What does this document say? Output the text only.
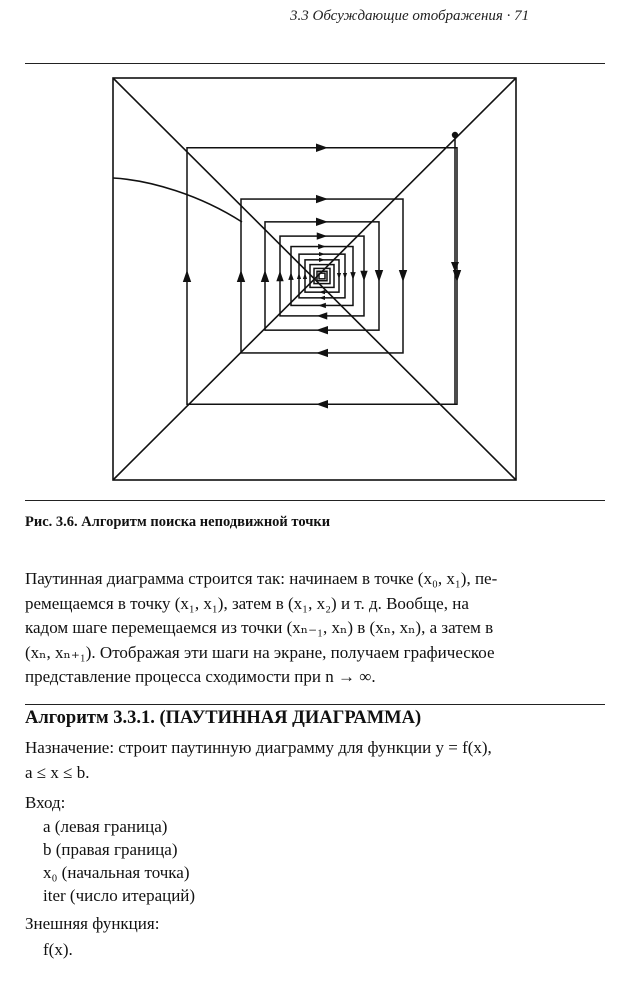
3.3 Обсуждающие отображения · 71
Рис. 3.6. Алгоритм поиска неподвижной точки
Паутинная диаграмма строится так: начинаем в точке (x₀, x₁), пе-
ремещаемся в точку (x₁, x₁), затем в (x₁, x₂) и т. д. Вообще, на
кадом шаге перемещаемся из точки (xₙ₋₁, xₙ) в (xₙ, xₙ), а затем в
(xₙ, xₙ₊₁). Отображая эти шаги на экране, получаем графическое
представление процесса сходимости при n → ∞.
Алгоритм 3.3.1. (ПАУТИННАЯ ДИАГРАММА)
Назначение: строит паутинную диаграмму для функции y = f(x),
a ≤ x ≤ b.
Вход:
a (левая граница)
b (правая граница)
x₀ (начальная точка)
iter (число итераций)
Знешняя функция:
f(x).
